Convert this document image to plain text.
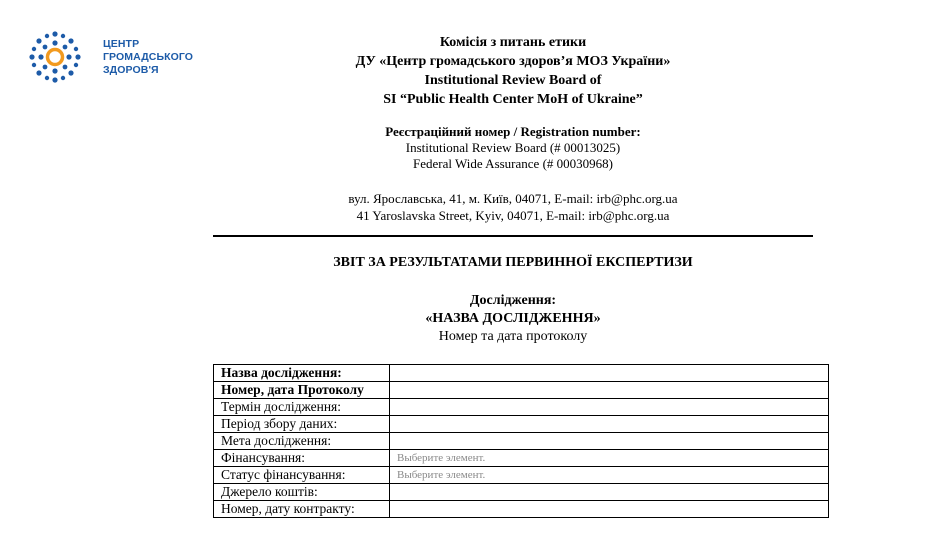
ЦЕНТР
ГРОМАДСЬКОГО
ЗДОРОВ'Я
Комісія з питань етики
ДУ «Центр громадського здоров’я МОЗ України»
Institutional Review Board of
SI “Public Health Center MoH of Ukraine”
Реєстраційний номер / Registration number:
Institutional Review Board (# 00013025)
Federal Wide Assurance (# 00030968)
вул. Ярославська, 41, м. Київ, 04071, E-mail: irb@phc.org.ua
41 Yaroslavska Street, Kyiv, 04071, E-mail: irb@phc.org.ua
ЗВІТ ЗА РЕЗУЛЬТАТАМИ ПЕРВИННОЇ ЕКСПЕРТИЗИ
Дослідження:
«НАЗВА ДОСЛІДЖЕННЯ»
Номер та дата протоколу
Назва дослідження:	
Номер, дата Протоколу	
Термін дослідження:	
Період збору даних:	
Мета дослідження:	
Фінансування:	Выберите элемент.
Статус фінансування:	Выберите элемент.
Джерело коштів:	
Номер, дату контракту:	
